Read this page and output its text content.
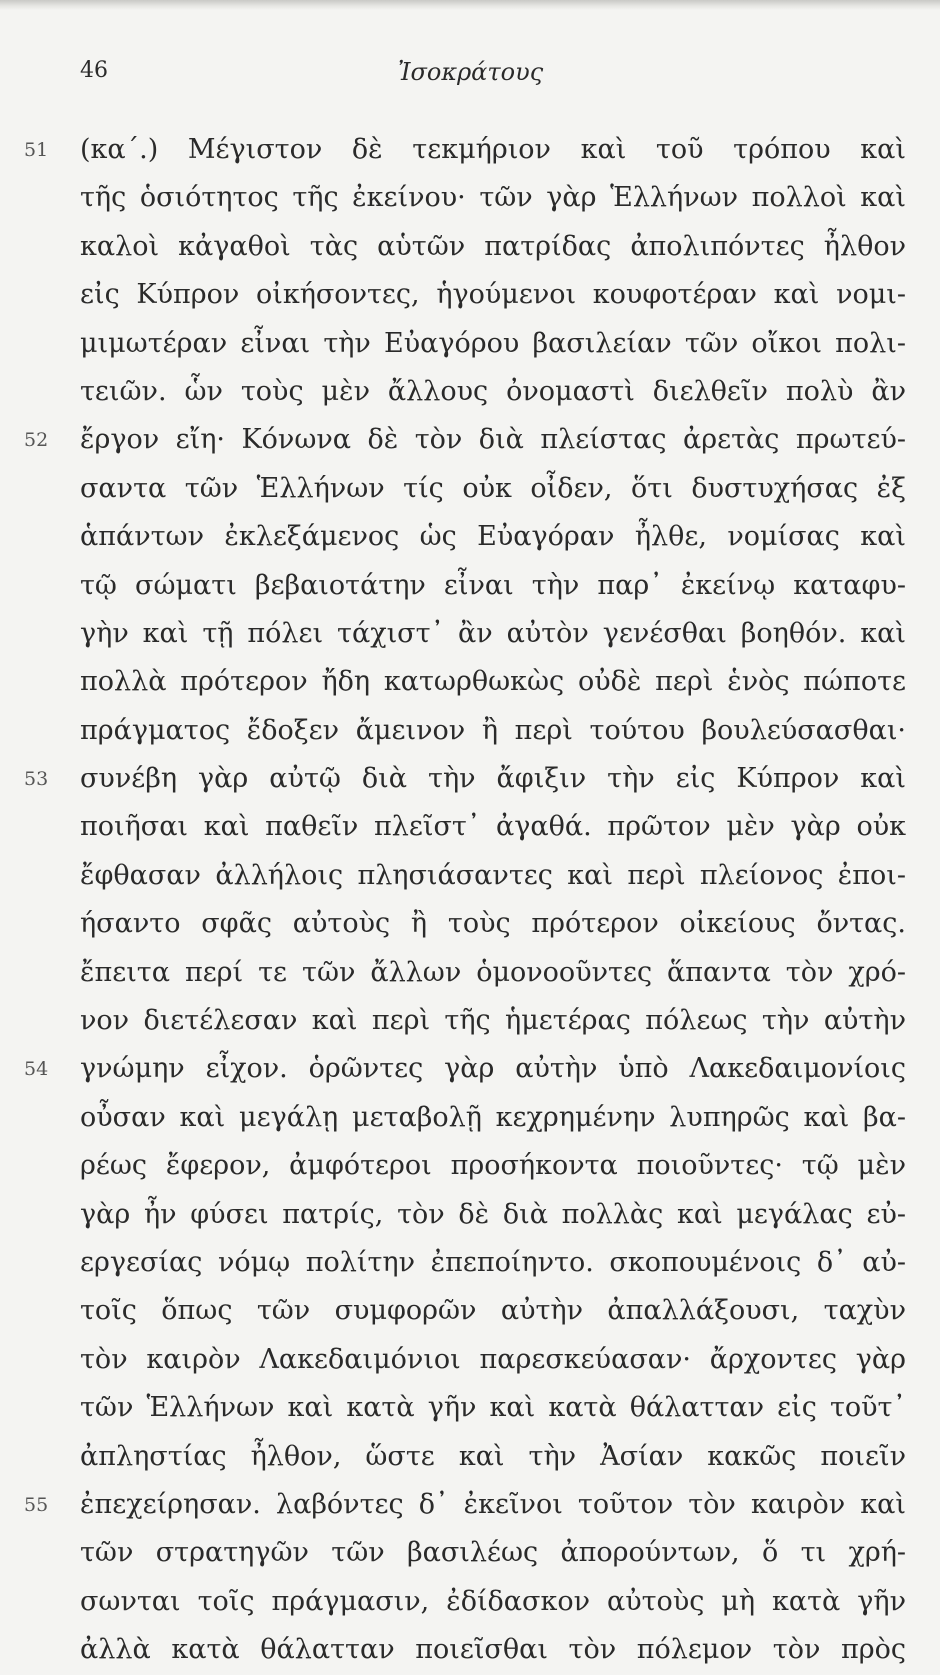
46	Ἰσοκράτους
51	(κα΄.) Μέγιστον δὲ τεκμήριον καὶ τοῦ τρόπου καὶ
τῆς ὁσιότητος τῆς ἐκείνου· τῶν γὰρ Ἑλλήνων πολλοὶ καὶ
καλοὶ κἀγαθοὶ τὰς αὑτῶν πατρίδας ἀπολιπόντες ἦλθον
εἰς Κύπρον οἰκήσοντες, ἡγούμενοι κουφοτέραν καὶ νομι-
μιμωτέραν εἶναι τὴν Εὐαγόρου βασιλείαν τῶν οἴκοι πολι-
τειῶν. ὧν τοὺς μὲν ἄλλους ὀνομαστὶ διελθεῖν πολὺ ἂν
52	ἔργον εἴη· Κόνωνα δὲ τὸν διὰ πλείστας ἀρετὰς πρωτεύ-
σαντα τῶν Ἑλλήνων τίς οὐκ οἶδεν, ὅτι δυστυχήσας ἐξ
ἁπάντων ἐκλεξάμενος ὡς Εὐαγόραν ἦλθε, νομίσας καὶ
τῷ σώματι βεβαιοτάτην εἶναι τὴν παρ᾽ ἐκείνῳ καταφυ-
γὴν καὶ τῇ πόλει τάχιστ᾽ ἂν αὐτὸν γενέσθαι βοηθόν. καὶ
πολλὰ πρότερον ἤδη κατωρθωκὼς οὐδὲ περὶ ἑνὸς πώποτε
πράγματος ἔδοξεν ἄμεινον ἢ περὶ τούτου βουλεύσασθαι·
53	συνέβη γὰρ αὐτῷ διὰ τὴν ἄφιξιν τὴν εἰς Κύπρον καὶ
ποιῆσαι καὶ παθεῖν πλεῖστ᾽ ἀγαθά. πρῶτον μὲν γὰρ οὐκ
ἔφθασαν ἀλλήλοις πλησιάσαντες καὶ περὶ πλείονος ἐποι-
ήσαντο σφᾶς αὐτοὺς ἢ τοὺς πρότερον οἰκείους ὄντας.
ἔπειτα περί τε τῶν ἄλλων ὁμονοοῦντες ἅπαντα τὸν χρό-
νον διετέλεσαν καὶ περὶ τῆς ἡμετέρας πόλεως τὴν αὐτὴν
54	γνώμην εἶχον. ὁρῶντες γὰρ αὐτὴν ὑπὸ Λακεδαιμονίοις
οὖσαν καὶ μεγάλῃ μεταβολῇ κεχρημένην λυπηρῶς καὶ βα-
ρέως ἔφερον, ἀμφότεροι προσήκοντα ποιοῦντες· τῷ μὲν
γὰρ ἦν φύσει πατρίς, τὸν δὲ διὰ πολλὰς καὶ μεγάλας εὐ-
εργεσίας νόμῳ πολίτην ἐπεποίηντο. σκοπουμένοις δ᾽ αὐ-
τοῖς ὅπως τῶν συμφορῶν αὐτὴν ἀπαλλάξουσι, ταχὺν
τὸν καιρὸν Λακεδαιμόνιοι παρεσκεύασαν· ἄρχοντες γὰρ
τῶν Ἑλλήνων καὶ κατὰ γῆν καὶ κατὰ θάλατταν εἰς τοῦτ᾽
ἀπληστίας ἦλθον, ὥστε καὶ τὴν Ἀσίαν κακῶς ποιεῖν
55	ἐπεχείρησαν. λαβόντες δ᾽ ἐκεῖνοι τοῦτον τὸν καιρὸν καὶ
τῶν στρατηγῶν τῶν βασιλέως ἀπορούντων, ὅ τι χρή-
σωνται τοῖς πράγμασιν, ἐδίδασκον αὐτοὺς μὴ κατὰ γῆν
ἀλλὰ κατὰ θάλατταν ποιεῖσθαι τὸν πόλεμον τὸν πρὸς
